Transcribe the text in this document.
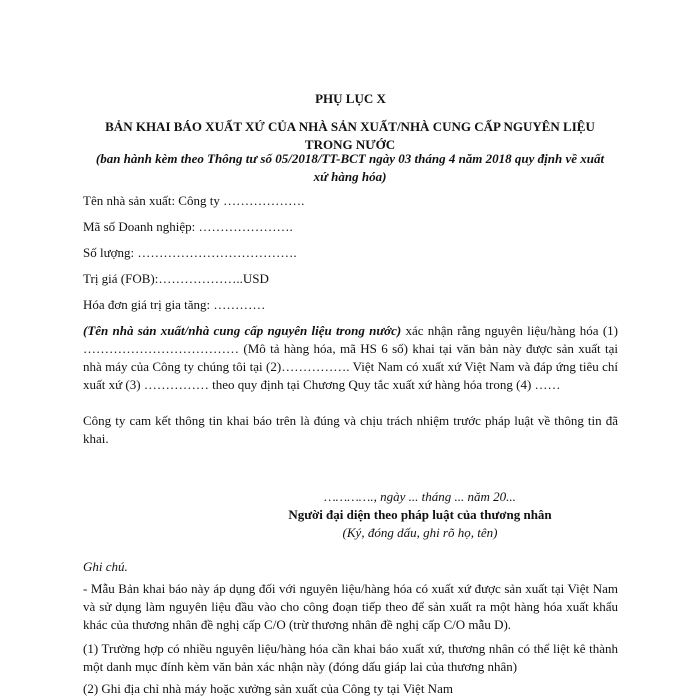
PHỤ LỤC X

BẢN KHAI BÁO XUẤT XỨ CỦA NHÀ SẢN XUẤT/NHÀ CUNG CẤP NGUYÊN LIỆU TRONG NƯỚC

(ban hành kèm theo Thông tư số 05/2018/TT-BCT ngày 03 tháng 4 năm 2018 quy định về xuất xứ hàng hóa)

Tên nhà sản xuất: Công ty ……………….

Mã số Doanh nghiệp: ………………….

Số lượng: ……………………………….

Trị giá (FOB):………………..USD

Hóa đơn giá trị gia tăng: …………

(Tên nhà sản xuất/nhà cung cấp nguyên liệu trong nước) xác nhận rằng nguyên liệu/hàng hóa (1) ……………………………… (Mô tả hàng hóa, mã HS 6 số) khai tại văn bản này được sản xuất tại nhà máy của Công ty chúng tôi tại (2)……………. Việt Nam có xuất xứ Việt Nam và đáp ứng tiêu chí xuất xứ (3) …………… theo quy định tại Chương Quy tắc xuất xứ hàng hóa trong (4) ……

Công ty cam kết thông tin khai báo trên là đúng và chịu trách nhiệm trước pháp luật về thông tin đã khai.

…………., ngày ... tháng ... năm 20...

Người đại diện theo pháp luật của thương nhân

(Ký, đóng dấu, ghi rõ họ, tên)

Ghi chú.

- Mẫu Bản khai báo này áp dụng đối với nguyên liệu/hàng hóa có xuất xứ được sản xuất tại Việt Nam và sử dụng làm nguyên liệu đầu vào cho công đoạn tiếp theo để sản xuất ra một hàng hóa xuất khẩu khác của thương nhân đề nghị cấp C/O (trừ thương nhân đề nghị cấp C/O mẫu D).

(1) Trường hợp có nhiều nguyên liệu/hàng hóa cần khai báo xuất xứ, thương nhân có thể liệt kê thành một danh mục đính kèm văn bản xác nhận này (đóng dấu giáp lai của thương nhân)

(2) Ghi địa chỉ nhà máy hoặc xưởng sản xuất của Công ty tại Việt Nam
